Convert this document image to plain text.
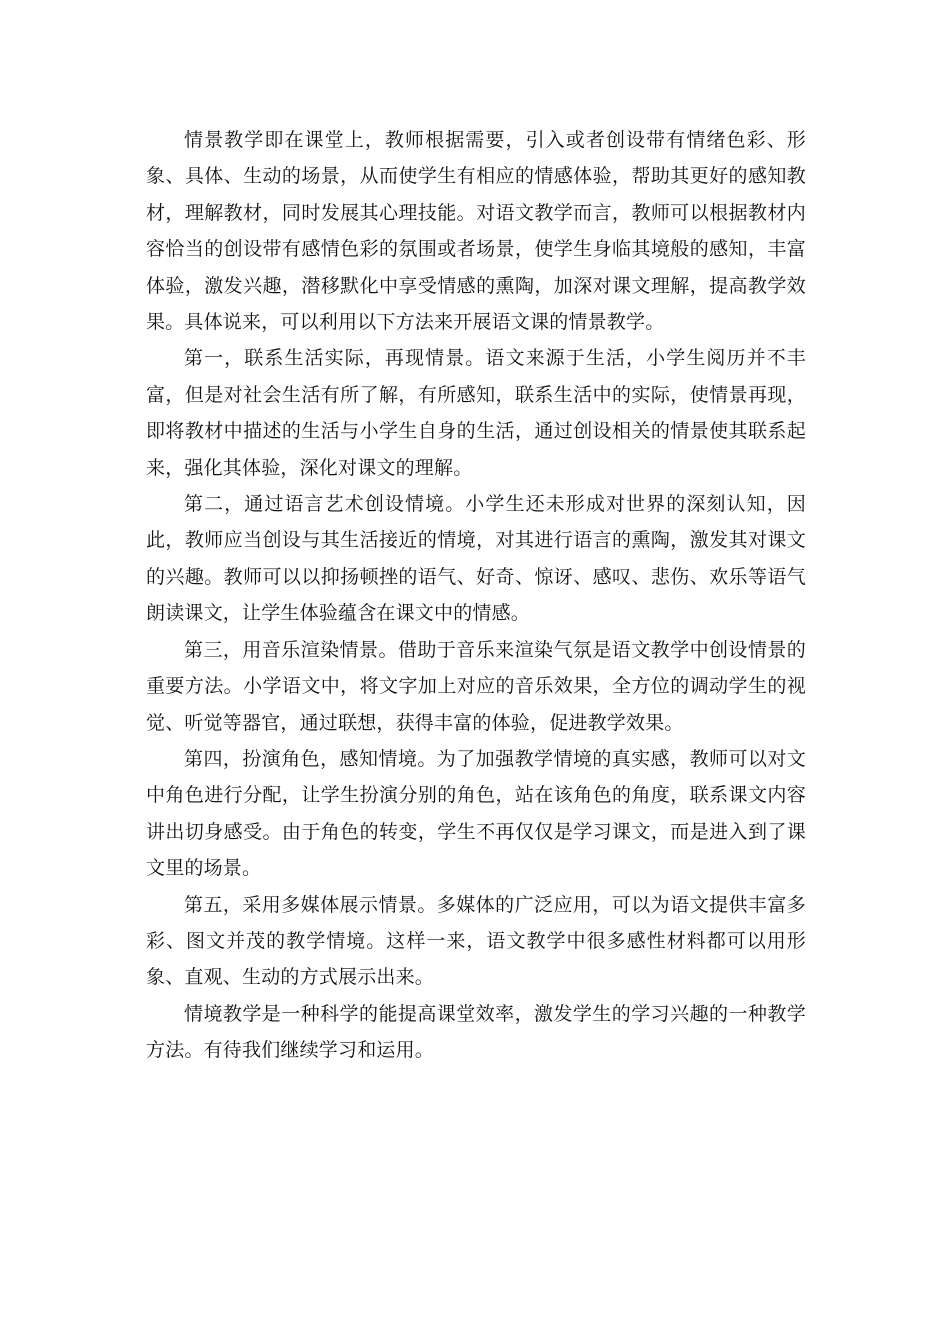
情景教学即在课堂上，教师根据需要，引入或者创设带有情绪色彩、形象、具体、生动的场景，从而使学生有相应的情感体验，帮助其更好的感知教材，理解教材，同时发展其心理技能。对语文教学而言，教师可以根据教材内容恰当的创设带有感情色彩的氛围或者场景，使学生身临其境般的感知，丰富体验，激发兴趣，潜移默化中享受情感的熏陶，加深对课文理解，提高教学效果。具体说来，可以利用以下方法来开展语文课的情景教学。

第一，联系生活实际，再现情景。语文来源于生活，小学生阅历并不丰富，但是对社会生活有所了解，有所感知，联系生活中的实际，使情景再现，即将教材中描述的生活与小学生自身的生活，通过创设相关的情景使其联系起来，强化其体验，深化对课文的理解。

第二，通过语言艺术创设情境。小学生还未形成对世界的深刻认知，因此，教师应当创设与其生活接近的情境，对其进行语言的熏陶，激发其对课文的兴趣。教师可以以抑扬顿挫的语气、好奇、惊讶、感叹、悲伤、欢乐等语气朗读课文，让学生体验蕴含在课文中的情感。

第三，用音乐渲染情景。借助于音乐来渲染气氛是语文教学中创设情景的重要方法。小学语文中，将文字加上对应的音乐效果，全方位的调动学生的视觉、听觉等器官，通过联想，获得丰富的体验，促进教学效果。

第四，扮演角色，感知情境。为了加强教学情境的真实感，教师可以对文中角色进行分配，让学生扮演分别的角色，站在该角色的角度，联系课文内容讲出切身感受。由于角色的转变，学生不再仅仅是学习课文，而是进入到了课文里的场景。

第五，采用多媒体展示情景。多媒体的广泛应用，可以为语文提供丰富多彩、图文并茂的教学情境。这样一来，语文教学中很多感性材料都可以用形象、直观、生动的方式展示出来。

情境教学是一种科学的能提高课堂效率，激发学生的学习兴趣的一种教学方法。有待我们继续学习和运用。
